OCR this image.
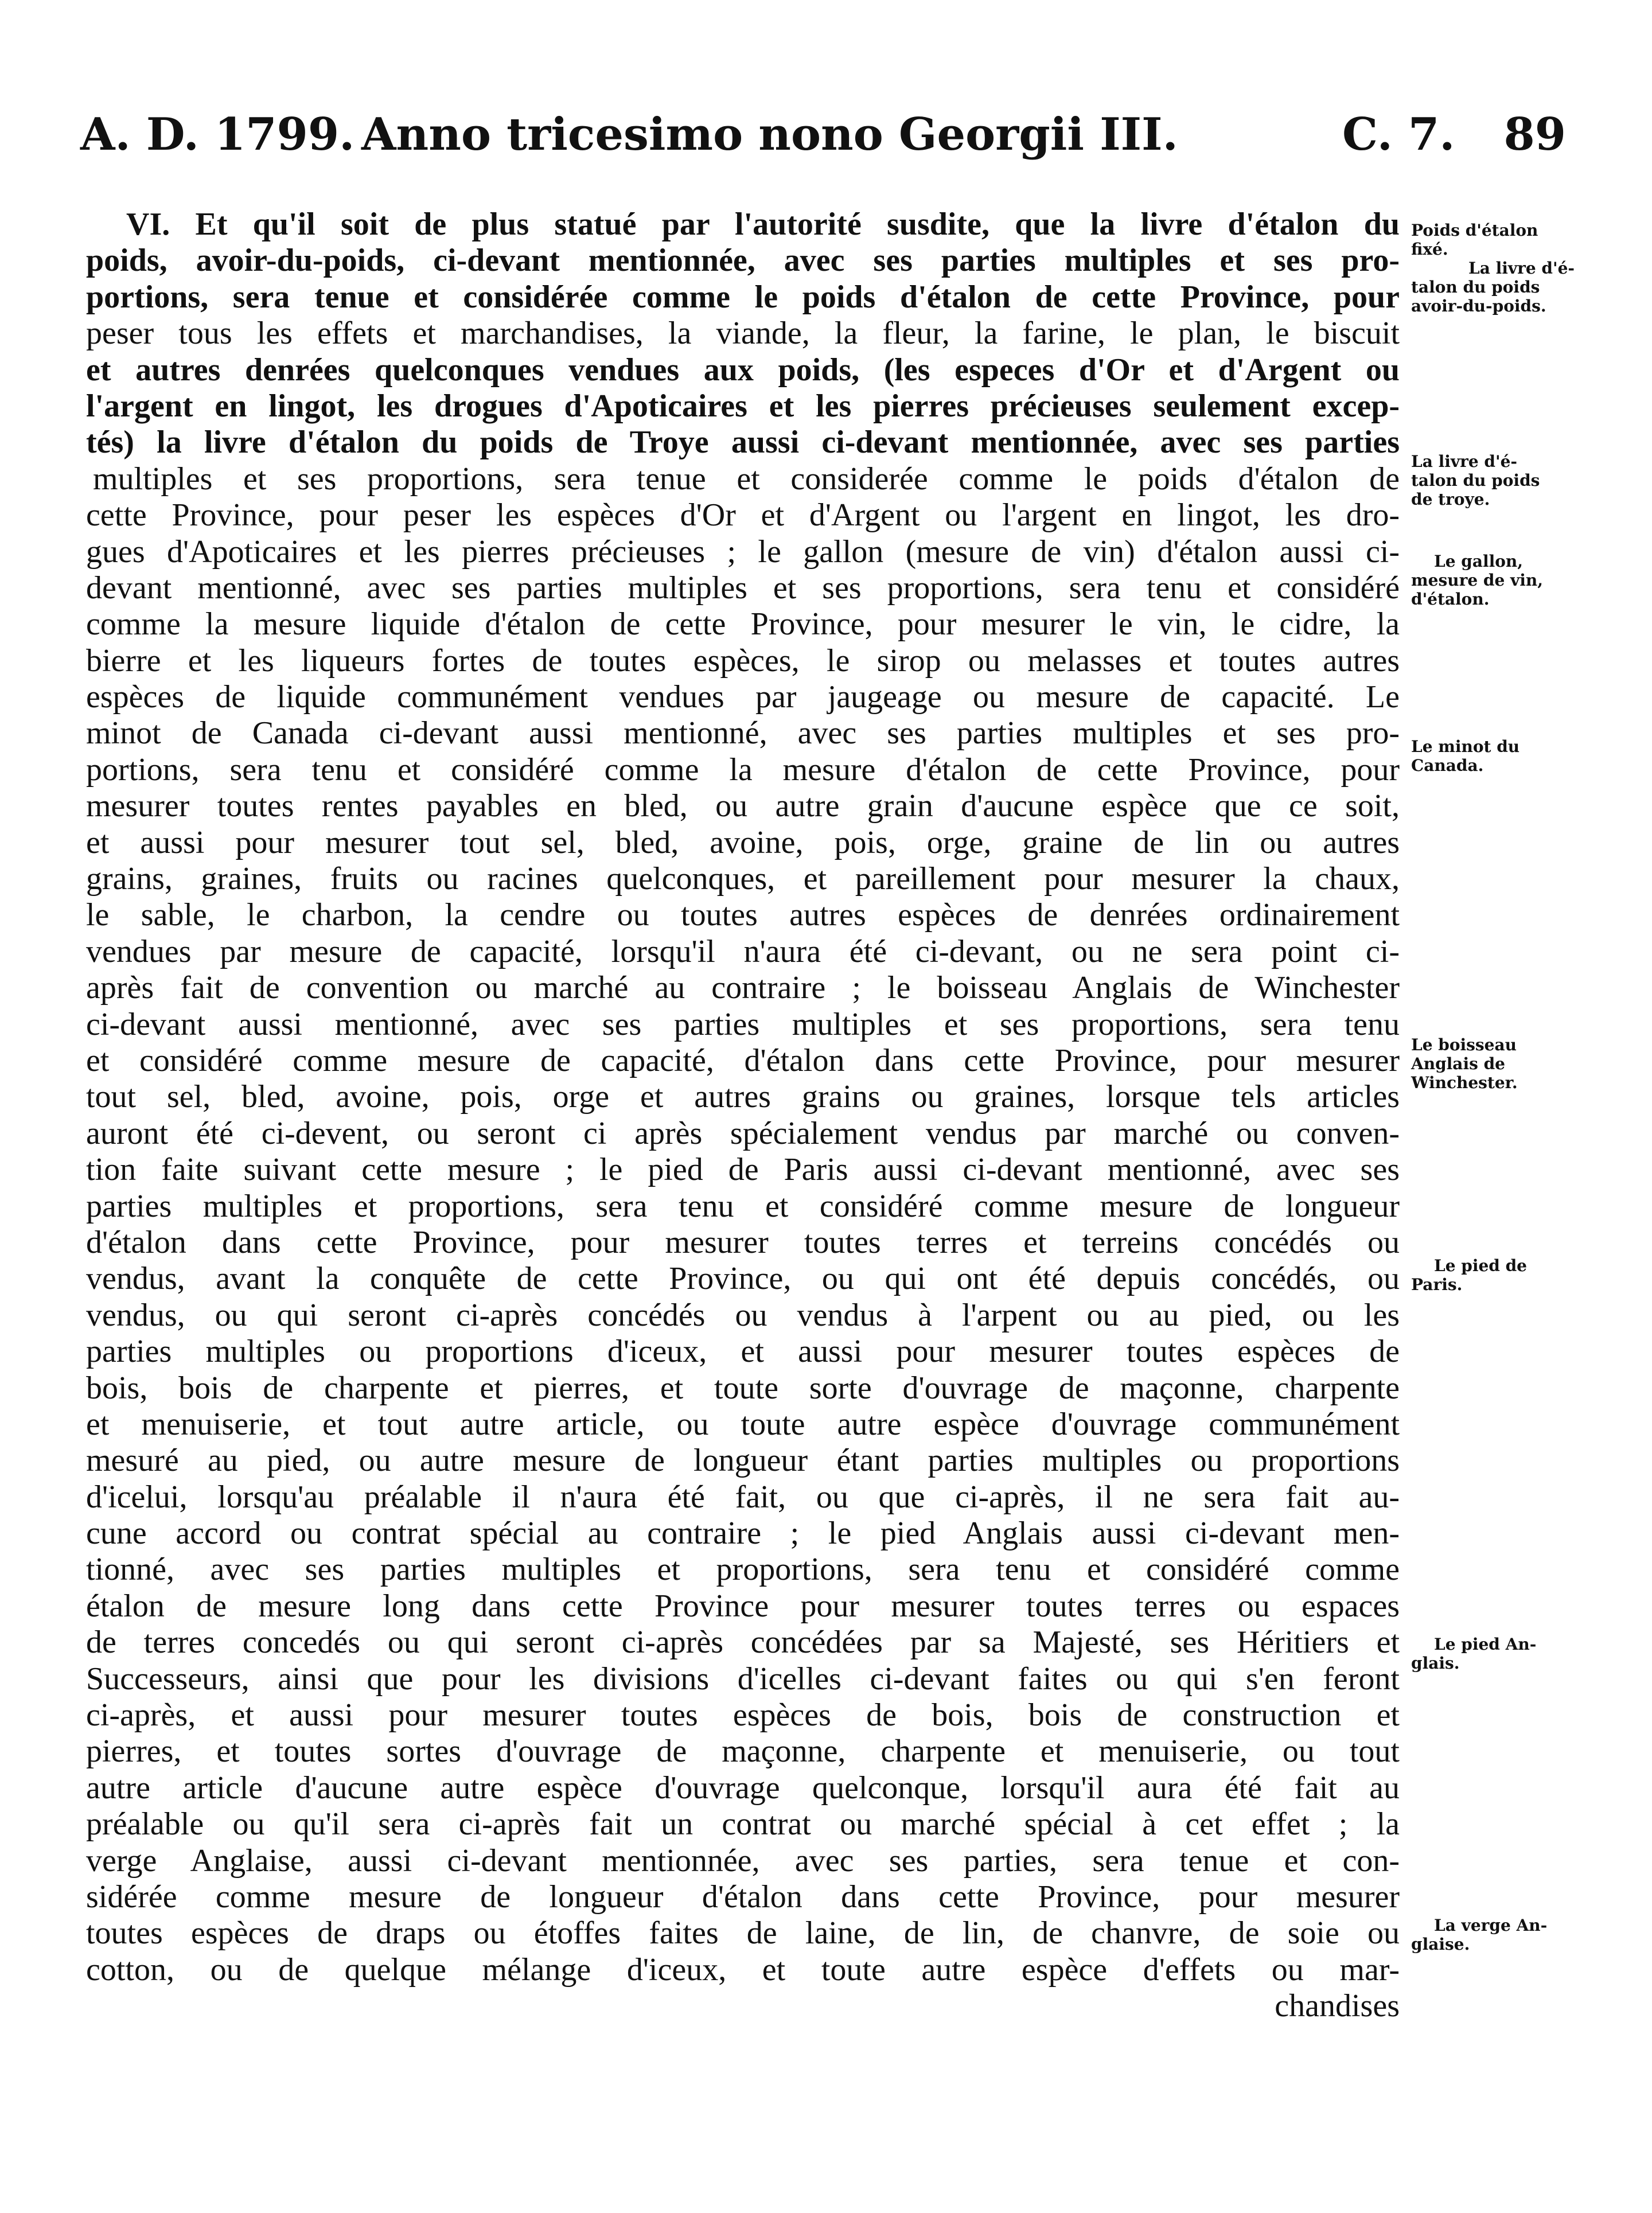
A. D. 1799. Anno tricesimo nono Georgii III.	C. 7. 89
VI. Et qu'il soit de plus statué par l'autorité susdite, que la livre d'étalon du
poids, avoir-du-poids, ci-devant mentionnée, avec ses parties multiples et ses pro-
portions, sera tenue et considérée comme le poids d'étalon de cette Province, pour
peser tous les effets et marchandises, la viande, la fleur, la farine, le plan, le biscuit
et autres denrées quelconques vendues aux poids, (les especes d'Or et d'Argent ou
l'argent en lingot, les drogues d'Apoticaires et les pierres précieuses seulement excep-
tés) la livre d'étalon du poids de Troye aussi ci-devant mentionnée, avec ses parties
multiples et ses proportions, sera tenue et considerée comme le poids d'étalon de
cette Province, pour peser les espèces d'Or et d'Argent ou l'argent en lingot, les dro-
gues d'Apoticaires et les pierres précieuses ; le gallon (mesure de vin) d'étalon aussi ci-
devant mentionné, avec ses parties multiples et ses proportions, sera tenu et considéré
comme la mesure liquide d'étalon de cette Province, pour mesurer le vin, le cidre, la
bierre et les liqueurs fortes de toutes espèces, le sirop ou melasses et toutes autres
espèces de liquide communément vendues par jaugeage ou mesure de capacité. Le
minot de Canada ci-devant aussi mentionné, avec ses parties multiples et ses pro-
portions, sera tenu et considéré comme la mesure d'étalon de cette Province, pour
mesurer toutes rentes payables en bled, ou autre grain d'aucune espèce que ce soit,
et aussi pour mesurer tout sel, bled, avoine, pois, orge, graine de lin ou autres
grains, graines, fruits ou racines quelconques, et pareillement pour mesurer la chaux,
le sable, le charbon, la cendre ou toutes autres espèces de denrées ordinairement
vendues par mesure de capacité, lorsqu'il n'aura été ci-devant, ou ne sera point ci-
après fait de convention ou marché au contraire ; le boisseau Anglais de Winchester
ci-devant aussi mentionné, avec ses parties multiples et ses proportions, sera tenu
et considéré comme mesure de capacité, d'étalon dans cette Province, pour mesurer
tout sel, bled, avoine, pois, orge et autres grains ou graines, lorsque tels articles
auront été ci-devent, ou seront ci après spécialement vendus par marché ou conven-
tion faite suivant cette mesure ; le pied de Paris aussi ci-devant mentionné, avec ses
parties multiples et proportions, sera tenu et considéré comme mesure de longueur
d'étalon dans cette Province, pour mesurer toutes terres et terreins concédés ou
vendus, avant la conquête de cette Province, ou qui ont été depuis concédés, ou
vendus, ou qui seront ci-après concédés ou vendus à l'arpent ou au pied, ou les
parties multiples ou proportions d'iceux, et aussi pour mesurer toutes espèces de
bois, bois de charpente et pierres, et toute sorte d'ouvrage de maçonne, charpente
et menuiserie, et tout autre article, ou toute autre espèce d'ouvrage communément
mesuré au pied, ou autre mesure de longueur étant parties multiples ou proportions
d'icelui, lorsqu'au préalable il n'aura été fait, ou que ci-après, il ne sera fait au-
cune accord ou contrat spécial au contraire ; le pied Anglais aussi ci-devant men-
tionné, avec ses parties multiples et proportions, sera tenu et considéré comme
étalon de mesure long dans cette Province pour mesurer toutes terres ou espaces
de terres concedés ou qui seront ci-après concédées par sa Majesté, ses Héritiers et
Successeurs, ainsi que pour les divisions d'icelles ci-devant faites ou qui s'en feront
ci-après, et aussi pour mesurer toutes espèces de bois, bois de construction et
pierres, et toutes sortes d'ouvrage de maçonne, charpente et menuiserie, ou tout
autre article d'aucune autre espèce d'ouvrage quelconque, lorsqu'il aura été fait au
préalable ou qu'il sera ci-après fait un contrat ou marché spécial à cet effet ; la
verge Anglaise, aussi ci-devant mentionnée, avec ses parties, sera tenue et con-
sidérée comme mesure de longueur d'étalon dans cette Province, pour mesurer
toutes espèces de draps ou étoffes faites de laine, de lin, de chanvre, de soie ou
cotton, ou de quelque mélange d'iceux, et toute autre espèce d'effets ou mar-
chandises
Poids d'étalon
fixé.
La livre d'é-
talon du poids
avoir-du-poids.
La livre d'é-
talon du poids
de troye.
Le gallon,
mesure de vin,
d'étalon.
Le minot du
Canada.
Le boisseau
Anglais de
Winchester.
Le pied de
Paris.
Le pied An-
glais.
La verge An-
glaise.
